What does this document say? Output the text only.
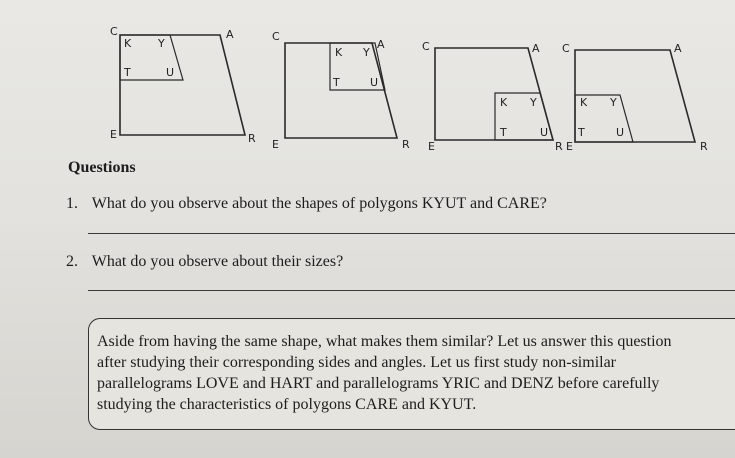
C	A
R
E
K Y
T	U
C
A
R
E
K Y
T	U
C	A
R
E
K Y
T	U
C	A
R
E
K Y
T	U
Questions
1. What do you observe about the shapes of polygons KYUT and CARE?
2. What do you observe about their sizes?

Aside from having the same shape, what makes them similar? Let us answer this question
after studying their corresponding sides and angles. Let us first study non-similar
parallelograms LOVE and HART and parallelograms YRIC and DENZ before carefully
studying the characteristics of polygons CARE and KYUT.
